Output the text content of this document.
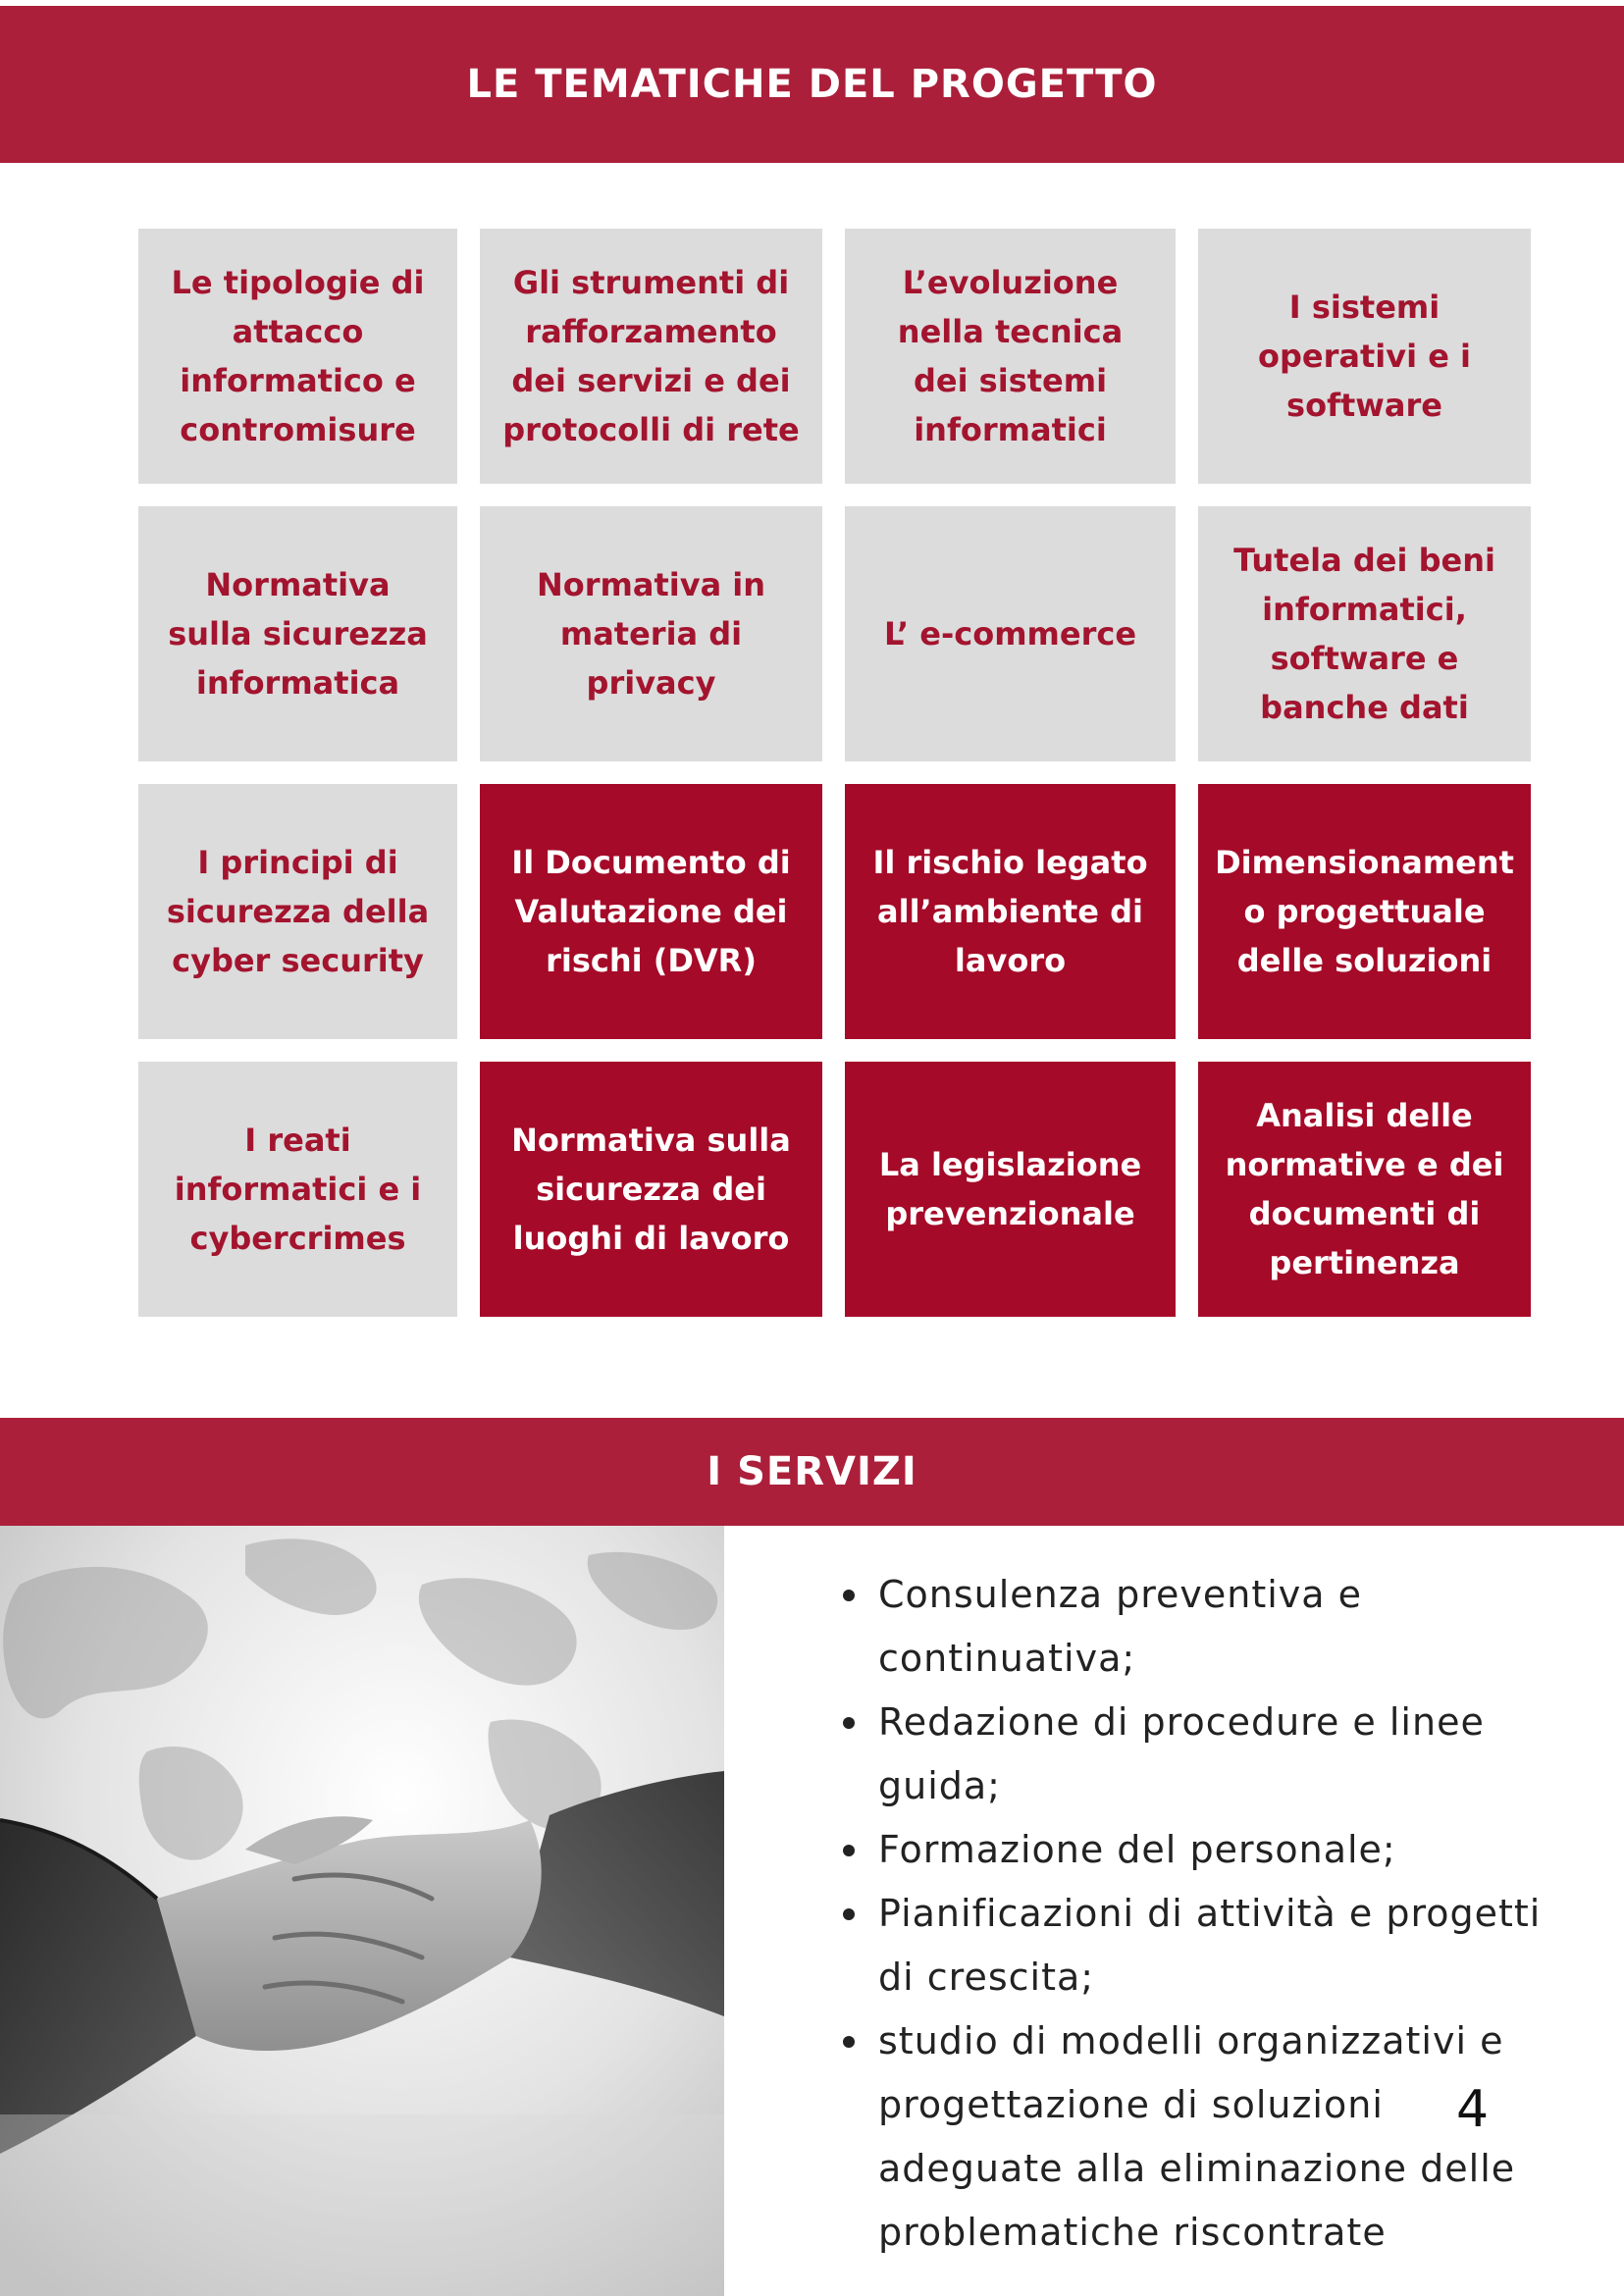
LE TEMATICHE DEL PROGETTO
Le tipologie di attacco informatico e contromisure
Gli strumenti di rafforzamento dei servizi e dei protocolli di rete
L’evoluzione nella tecnica dei sistemi informatici
I sistemi operativi e i software
Normativa sulla sicurezza informatica
Normativa in materia di privacy
L’ e-commerce
Tutela dei beni informatici, software e banche dati
I principi di sicurezza della cyber security
Il Documento di Valutazione dei rischi (DVR)
Il rischio legato all’ambiente di lavoro
Dimensionament o progettuale delle soluzioni
I reati informatici e i cybercrimes
Normativa sulla sicurezza dei luoghi di lavoro
La legislazione prevenzionale
Analisi delle normative e dei documenti di pertinenza
I SERVIZI
Consulenza preventiva e continuativa;
Redazione di procedure e linee guida;
Formazione del personale;
Pianificazioni di attività e progetti di crescita;
studio di modelli organizzativi e progettazione di soluzioni adeguate alla eliminazione delle problematiche riscontrate
4
